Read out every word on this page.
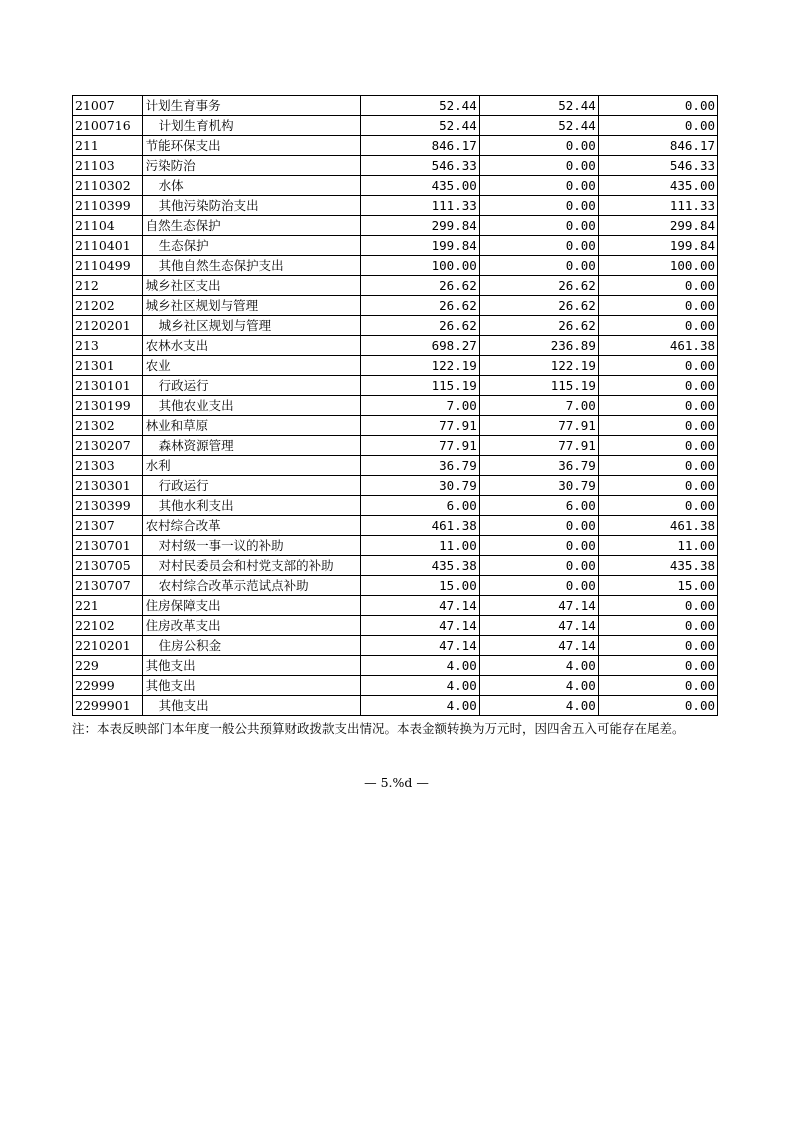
21007	计划生育事务	52.44	52.44	0.00
2100716	计划生育机构	52.44	52.44	0.00
211	节能环保支出	846.17	0.00	846.17
21103	污染防治	546.33	0.00	546.33
2110302	水体	435.00	0.00	435.00
2110399	其他污染防治支出	111.33	0.00	111.33
21104	自然生态保护	299.84	0.00	299.84
2110401	生态保护	199.84	0.00	199.84
2110499	其他自然生态保护支出	100.00	0.00	100.00
212	城乡社区支出	26.62	26.62	0.00
21202	城乡社区规划与管理	26.62	26.62	0.00
2120201	城乡社区规划与管理	26.62	26.62	0.00
213	农林水支出	698.27	236.89	461.38
21301	农业	122.19	122.19	0.00
2130101	行政运行	115.19	115.19	0.00
2130199	其他农业支出	7.00	7.00	0.00
21302	林业和草原	77.91	77.91	0.00
2130207	森林资源管理	77.91	77.91	0.00
21303	水利	36.79	36.79	0.00
2130301	行政运行	30.79	30.79	0.00
2130399	其他水利支出	6.00	6.00	0.00
21307	农村综合改革	461.38	0.00	461.38
2130701	对村级一事一议的补助	11.00	0.00	11.00
2130705	对村民委员会和村党支部的补助	435.38	0.00	435.38
2130707	农村综合改革示范试点补助	15.00	0.00	15.00
221	住房保障支出	47.14	47.14	0.00
22102	住房改革支出	47.14	47.14	0.00
2210201	住房公积金	47.14	47.14	0.00
229	其他支出	4.00	4.00	0.00
22999	其他支出	4.00	4.00	0.00
2299901	其他支出	4.00	4.00	0.00
注：本表反映部门本年度一般公共预算财政拨款支出情况。本表金额转换为万元时，因四舍五入可能存在尾差。
— 5.%d —
